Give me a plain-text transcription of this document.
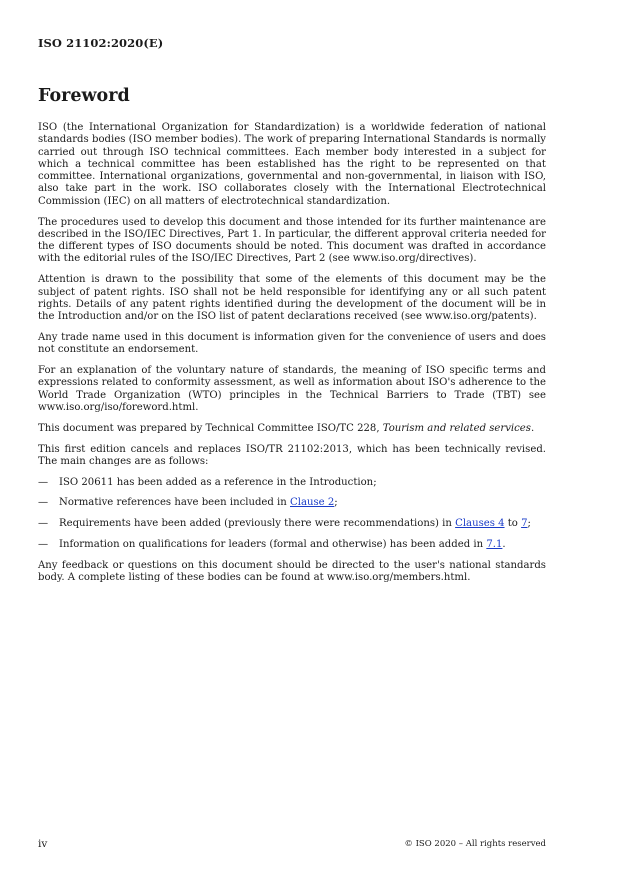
ISO 21102:2020(E)
Foreword

ISO (the International Organization for Standardization) is a worldwide federation of national standards bodies (ISO member bodies). The work of preparing International Standards is normally carried out through ISO technical committees. Each member body interested in a subject for which a technical committee has been established has the right to be represented on that committee. International organizations, governmental and non-governmental, in liaison with ISO, also take part in the work. ISO collaborates closely with the International Electrotechnical Commission (IEC) on all matters of electrotechnical standardization.

The procedures used to develop this document and those intended for its further maintenance are described in the ISO/IEC Directives, Part 1. In particular, the different approval criteria needed for the different types of ISO documents should be noted. This document was drafted in accordance with the editorial rules of the ISO/IEC Directives, Part 2 (see www.iso.org/directives).

Attention is drawn to the possibility that some of the elements of this document may be the subject of patent rights. ISO shall not be held responsible for identifying any or all such patent rights. Details of any patent rights identified during the development of the document will be in the Introduction and/or on the ISO list of patent declarations received (see www.iso.org/patents).

Any trade name used in this document is information given for the convenience of users and does not constitute an endorsement.

For an explanation of the voluntary nature of standards, the meaning of ISO specific terms and expressions related to conformity assessment, as well as information about ISO's adherence to the World Trade Organization (WTO) principles in the Technical Barriers to Trade (TBT) see www.iso.org/iso/foreword.html.

This document was prepared by Technical Committee ISO/TC 228, Tourism and related services.

This first edition cancels and replaces ISO/TR 21102:2013, which has been technically revised. The main changes are as follows:

—	ISO 20611 has been added as a reference in the Introduction;
—	Normative references have been included in Clause 2;
—	Requirements have been added (previously there were recommendations) in Clauses 4 to 7;
—	Information on qualifications for leaders (formal and otherwise) has been added in 7.1.

Any feedback or questions on this document should be directed to the user's national standards body. A complete listing of these bodies can be found at www.iso.org/members.html.

iv	© ISO 2020 – All rights reserved
